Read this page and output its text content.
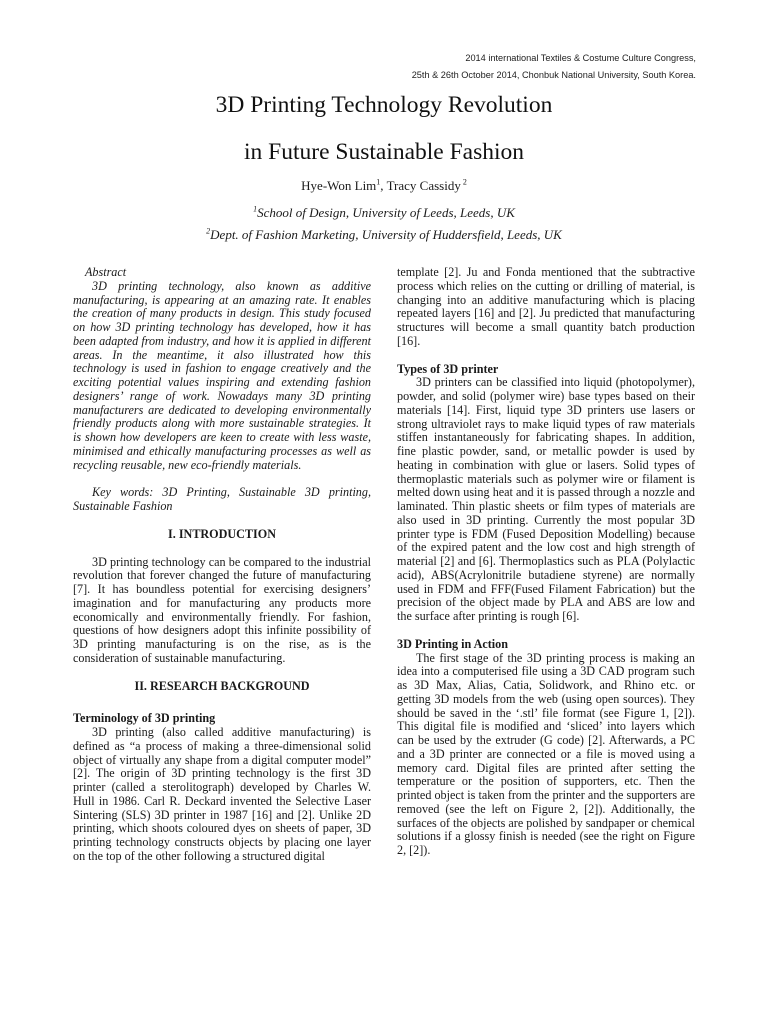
2014 international Textiles & Costume Culture Congress,
25th & 26th October 2014, Chonbuk National University, South Korea.
3D Printing Technology Revolution
in Future Sustainable Fashion
Hye-Won Lim$^1$, Tracy Cassidy $^2$
$^1$School of Design, University of Leeds, Leeds, UK
$^2$Dept. of Fashion Marketing, University of Huddersfield, Leeds, UK

Abstract

3D printing technology, also known as additive manufacturing, is appearing at an amazing rate. It enables the creation of many products in design. This study focused on how 3D printing technology has developed, how it has been adapted from industry, and how it is applied in different areas. In the meantime, it also illustrated how this technology is used in fashion to engage creatively and the exciting potential values inspiring and extending fashion designers’ range of work. Nowadays many 3D printing manufacturers are dedicated to developing environmentally friendly products along with more sustainable strategies. It is shown how developers are keen to create with less waste, minimised and ethically manufacturing processes as well as recycling reusable, new eco-friendly materials.

Key words: 3D Printing, Sustainable 3D printing, Sustainable Fashion

I. INTRODUCTION

3D printing technology can be compared to the industrial revolution that forever changed the future of manufacturing [7]. It has boundless potential for exercising designers’ imagination and for manufacturing any products more economically and environmentally friendly. For fashion, questions of how designers adopt this infinite possibility of 3D printing manufacturing is on the rise, as is the consideration of sustainable manufacturing.

II. RESEARCH BACKGROUND

Terminology of 3D printing

3D printing (also called additive manufacturing) is defined as “a process of making a three-dimensional solid object of virtually any shape from a digital computer model” [2]. The origin of 3D printing technology is the first 3D printer (called a sterolitograph) developed by Charles W. Hull in 1986. Carl R. Deckard invented the Selective Laser Sintering (SLS) 3D printer in 1987 [16] and [2]. Unlike 2D printing, which shoots coloured dyes on sheets of paper, 3D printing technology constructs objects by placing one layer on the top of the other following a structured digital

template [2]. Ju and Fonda mentioned that the subtractive process which relies on the cutting or drilling of material, is changing into an additive manufacturing which is placing repeated layers [16] and [2]. Ju predicted that manufacturing structures will become a small quantity batch production [16].

Types of 3D printer

3D printers can be classified into liquid (photopolymer), powder, and solid (polymer wire) base types based on their materials [14]. First, liquid type 3D printers use lasers or strong ultraviolet rays to make liquid types of raw materials stiffen instantaneously for fabricating shapes. In addition, fine plastic powder, sand, or metallic powder is used by heating in combination with glue or lasers. Solid types of thermoplastic materials such as polymer wire or filament is melted down using heat and it is passed through a nozzle and laminated. Thin plastic sheets or film types of materials are also used in 3D printing. Currently the most popular 3D printer type is FDM (Fused Deposition Modelling) because of the expired patent and the low cost and high strength of material [2] and [6]. Thermoplastics such as PLA (Polylactic acid), ABS(Acrylonitrile butadiene styrene) are normally used in FDM and FFF(Fused Filament Fabrication) but the precision of the object made by PLA and ABS are low and the surface after printing is rough [6].

3D Printing in Action

The first stage of the 3D printing process is making an idea into a computerised file using a 3D CAD program such as 3D Max, Alias, Catia, Solidwork, and Rhino etc. or getting 3D models from the web (using open sources). They should be saved in the ‘.stl’ file format (see Figure 1, [2]). This digital file is modified and ‘sliced’ into layers which can be used by the extruder (G code) [2]. Afterwards, a PC and a 3D printer are connected or a file is moved using a memory card. Digital files are printed after setting the temperature or the position of supporters, etc. Then the printed object is taken from the printer and the supporters are removed (see the left on Figure 2, [2]). Additionally, the surfaces of the objects are polished by sandpaper or chemical solutions if a glossy finish is needed (see the right on Figure 2, [2]).
